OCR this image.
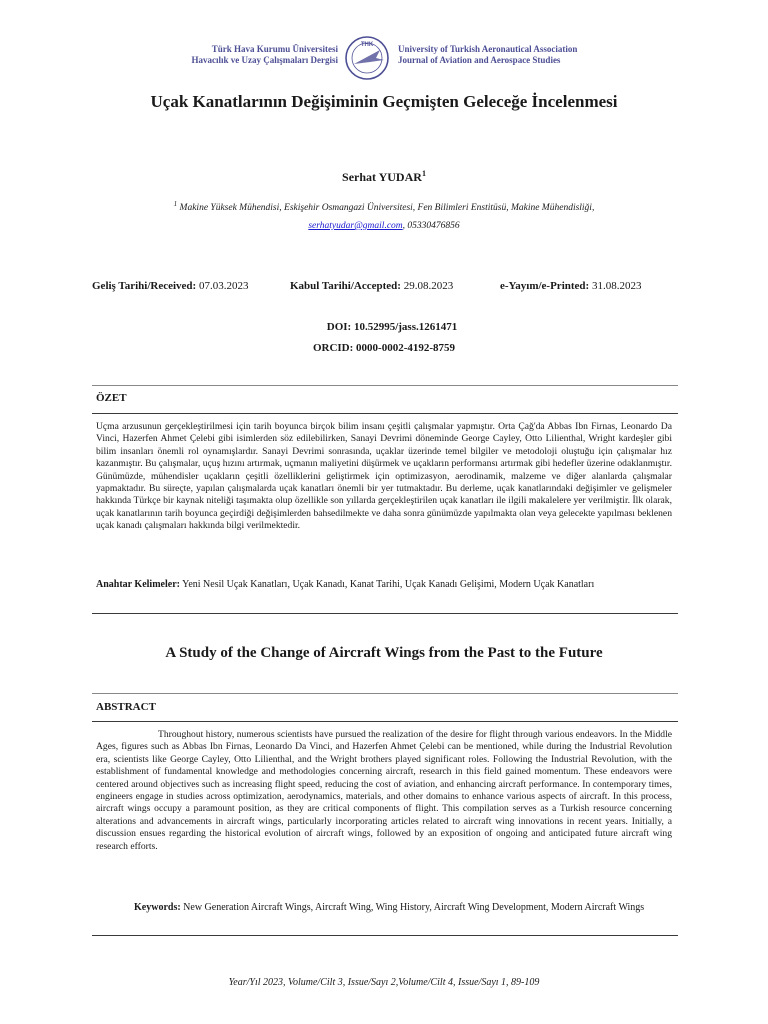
Türk Hava Kurumu Üniversitesi
Havacılık ve Uzay Çalışmaları Dergisi
THK	University of Turkish Aeronautical Association
Journal of Aviation and Aerospace Studies
Uçak Kanatlarının Değişiminin Geçmişten Geleceğe İncelenmesi
Serhat YUDAR$^1$
$^1$ Makine Yüksek Mühendisi, Eskişehir Osmangazi Üniversitesi, Fen Bilimleri Enstitüsü, Makine Mühendisliği,
serhatyudar@gmail.com, 05330476856
Geliş Tarihi/Received: 07.03.2023	Kabul Tarihi/Accepted: 29.08.2023	e-Yayım/e-Printed: 31.08.2023
DOI: 10.52995/jass.1261471
ORCID: 0000-0002-4192-8759
ÖZET
Uçma arzusunun gerçekleştirilmesi için tarih boyunca birçok bilim insanı çeşitli çalışmalar yapmıştır. Orta Çağ'da Abbas Ibn Firnas, Leonardo Da Vinci, Hazerfen Ahmet Çelebi gibi isimlerden söz edilebilirken, Sanayi Devrimi döneminde George Cayley, Otto Lilienthal, Wright kardeşler gibi bilim insanları önemli rol oynamışlardır. Sanayi Devrimi sonrasında, uçaklar üzerinde temel bilgiler ve metodoloji oluştuğu için çalışmalar hız kazanmıştır. Bu çalışmalar, uçuş hızını artırmak, uçmanın maliyetini düşürmek ve uçakların performansı artırmak gibi hedefler üzerine odaklanmıştır. Günümüzde, mühendisler uçakların çeşitli özelliklerini geliştirmek için optimizasyon, aerodinamik, malzeme ve diğer alanlarda çalışmalar yapmaktadır. Bu süreçte, yapılan çalışmalarda uçak kanatları önemli bir yer tutmaktadır. Bu derleme, uçak kanatlarındaki değişimler ve gelişmeler hakkında Türkçe bir kaynak niteliği taşımakta olup özellikle son yıllarda gerçekleştirilen uçak kanatları ile ilgili makalelere yer verilmiştir. İlk olarak, uçak kanatlarının tarih boyunca geçirdiği değişimlerden bahsedilmekte ve daha sonra günümüzde yapılmakta olan veya gelecekte yapılması beklenen uçak kanadı çalışmaları hakkında bilgi verilmektedir.
Anahtar Kelimeler: Yeni Nesil Uçak Kanatları, Uçak Kanadı, Kanat Tarihi, Uçak Kanadı Gelişimi, Modern Uçak Kanatları
A Study of the Change of Aircraft Wings from the Past to the Future
ABSTRACT
Throughout history, numerous scientists have pursued the realization of the desire for flight through various endeavors. In the Middle Ages, figures such as Abbas Ibn Firnas, Leonardo Da Vinci, and Hazerfen Ahmet Çelebi can be mentioned, while during the Industrial Revolution era, scientists like George Cayley, Otto Lilienthal, and the Wright brothers played significant roles. Following the Industrial Revolution, with the establishment of fundamental knowledge and methodologies concerning aircraft, research in this field gained momentum. These endeavors were centered around objectives such as increasing flight speed, reducing the cost of aviation, and enhancing aircraft performance. In contemporary times, engineers engage in studies across optimization, aerodynamics, materials, and other domains to enhance various aspects of aircraft. In this process, aircraft wings occupy a paramount position, as they are critical components of flight. This compilation serves as a Turkish resource concerning alterations and advancements in aircraft wings, particularly incorporating articles related to aircraft wing innovations in recent years. Initially, a discussion ensues regarding the historical evolution of aircraft wings, followed by an exposition of ongoing and anticipated future aircraft wing research efforts.
Keywords: New Generation Aircraft Wings, Aircraft Wing, Wing History, Aircraft Wing Development, Modern Aircraft Wings
Year/Yıl 2023, Volume/Cilt 3, Issue/Sayı 2,Volume/Cilt 4, Issue/Sayı 1, 89-109
